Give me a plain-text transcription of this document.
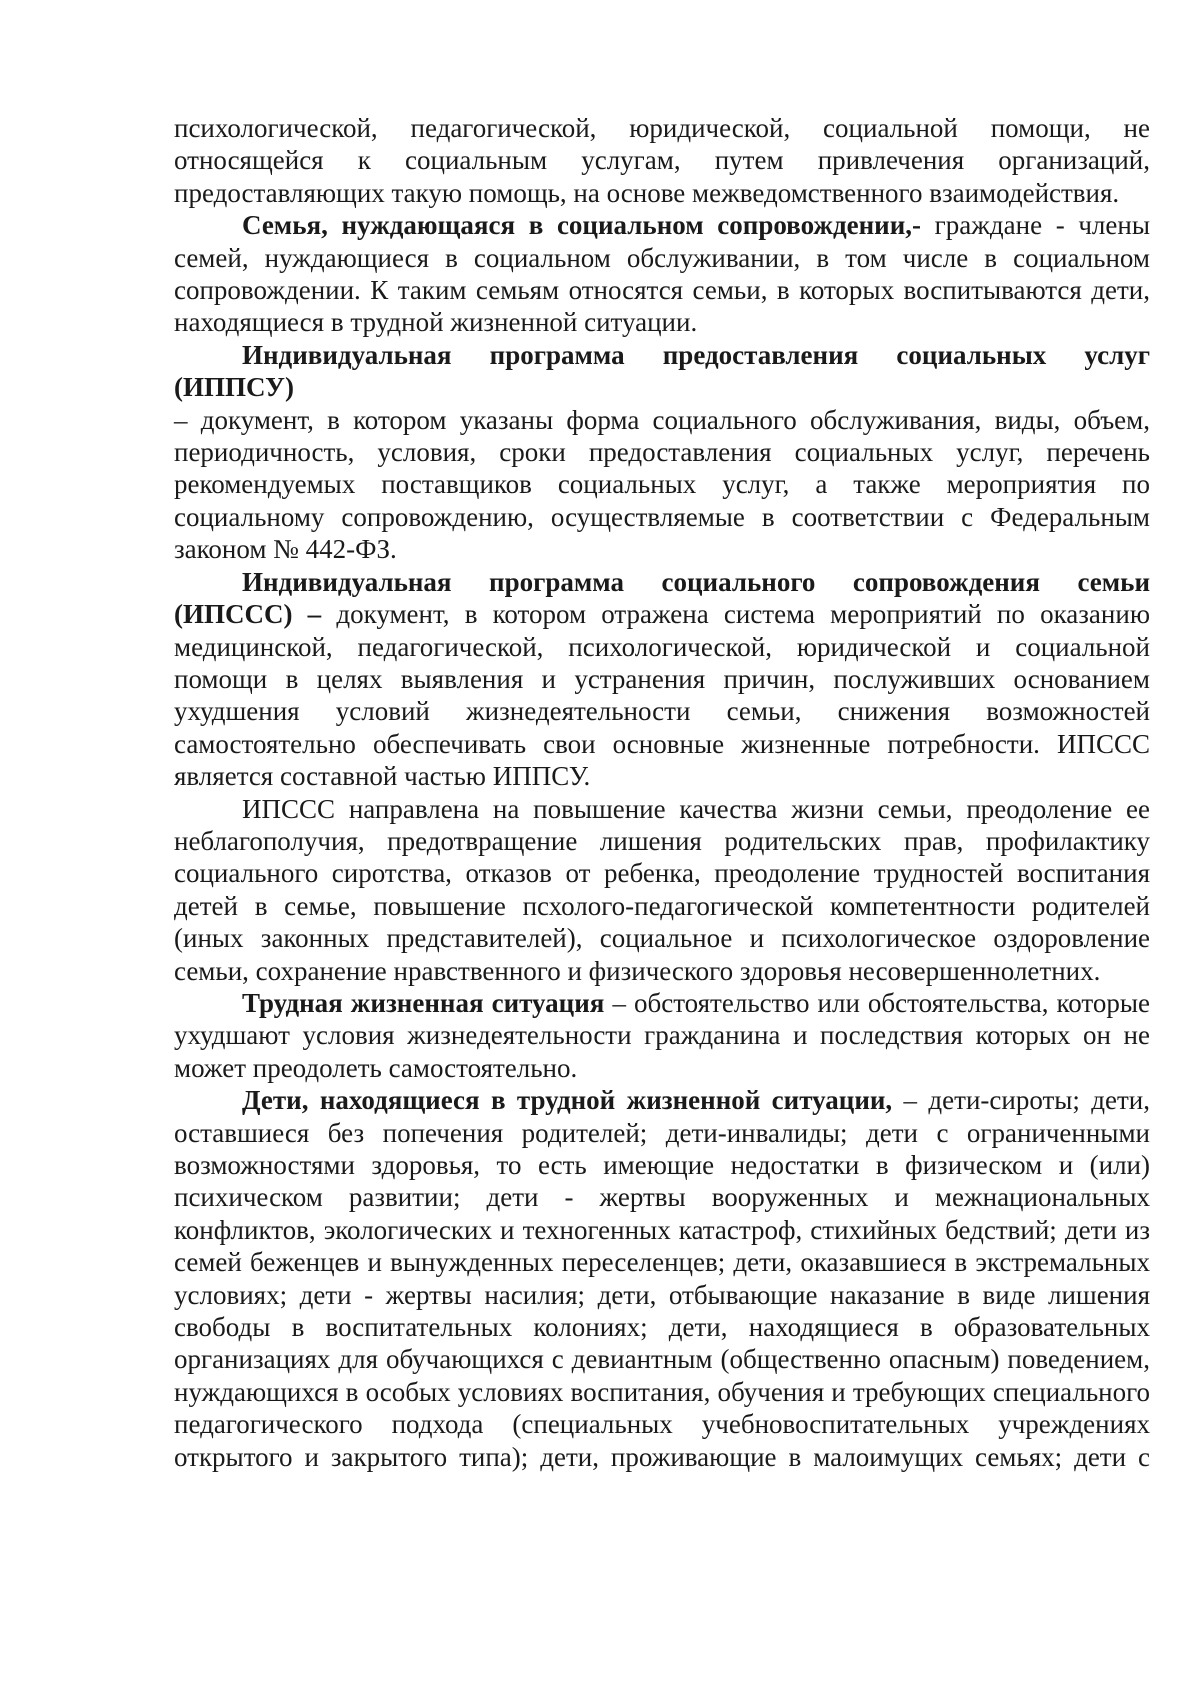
психологической, педагогической, юридической, социальной помощи, не относящейся к социальным услугам, путем привлечения организаций, предоставляющих такую помощь, на основе межведомственного взаимодействия.

Семья, нуждающаяся в социальном сопровождении,- граждане - члены семей, нуждающиеся в социальном обслуживании, в том числе в социальном сопровождении. К таким семьям относятся семьи, в которых воспитываются дети, находящиеся в трудной жизненной ситуации.

Индивидуальная программа предоставления социальных услуг

(ИППСУ)

– документ, в котором указаны форма социального обслуживания, виды, объем, периодичность, условия, сроки предоставления социальных услуг, перечень рекомендуемых поставщиков социальных услуг, а также мероприятия по социальному сопровождению, осуществляемые в соответствии с Федеральным законом № 442-ФЗ.

Индивидуальная программа социального сопровождения семьи (ИПССС) – документ, в котором отражена система мероприятий по оказанию медицинской, педагогической, психологической, юридической и социальной помощи в целях выявления и устранения причин, послуживших основанием ухудшения условий жизнедеятельности семьи, снижения возможностей самостоятельно обеспечивать свои основные жизненные потребности. ИПССС является составной частью ИППСУ.

ИПССС направлена на повышение качества жизни семьи, преодоление ее неблагополучия, предотвращение лишения родительских прав, профилактику социального сиротства, отказов от ребенка, преодоление трудностей воспитания детей в семье, повышение псхолого-педагогической компетентности родителей (иных законных представителей), социальное и психологическое оздоровление семьи, сохранение нравственного и физического здоровья несовершеннолетних.

Трудная жизненная ситуация – обстоятельство или обстоятельства, которые ухудшают условия жизнедеятельности гражданина и последствия которых он не может преодолеть самостоятельно.

Дети, находящиеся в трудной жизненной ситуации, – дети-сироты; дети, оставшиеся без попечения родителей; дети-инвалиды; дети с ограниченными возможностями здоровья, то есть имеющие недостатки в физическом и (или) психическом развитии; дети - жертвы вооруженных и межнациональных конфликтов, экологических и техногенных катастроф, стихийных бедствий; дети из семей беженцев и вынужденных переселенцев; дети, оказавшиеся в экстремальных условиях; дети - жертвы насилия; дети, отбывающие наказание в виде лишения свободы в воспитательных колониях; дети, находящиеся в образовательных организациях для обучающихся с девиантным (общественно опасным) поведением, нуждающихся в особых условиях воспитания, обучения и требующих специального педагогического подхода (специальных учебновоспитательных учреждениях открытого и закрытого типа); дети, проживающие в малоимущих семьях; дети с
